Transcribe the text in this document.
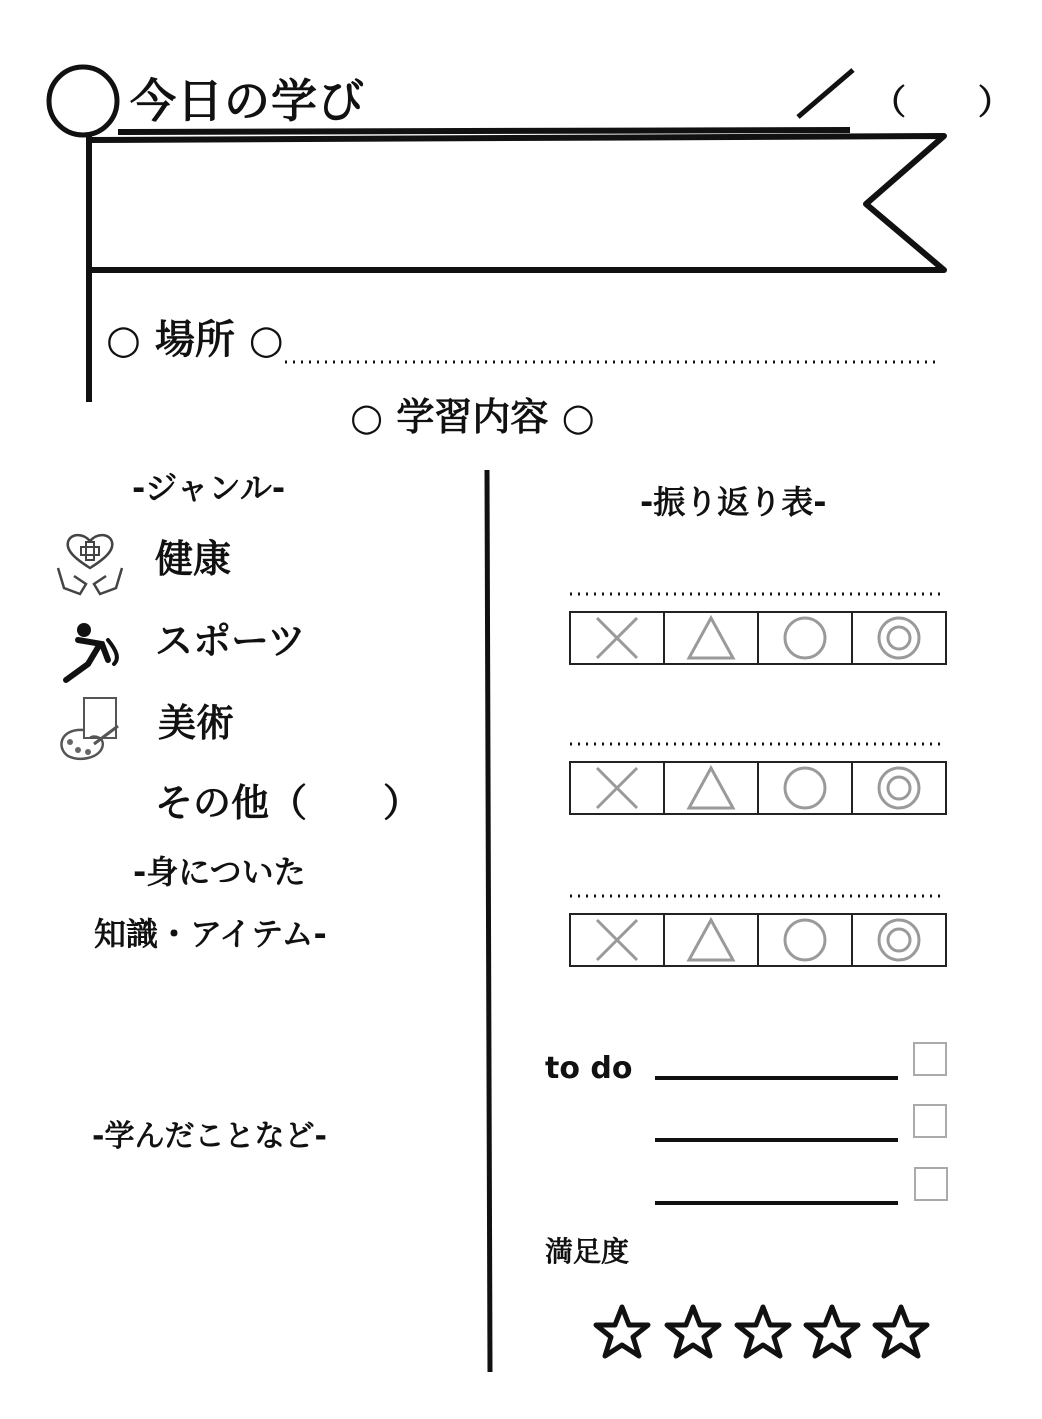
今日の学び	（ ）
○ 場所 ○
○ 学習内容 ○
-ジャンル-
健康
スポーツ
美術
その他（　　）
-身についた
知識・アイテム-
-学んだことなど-
-振り返り表-
to do
満足度
